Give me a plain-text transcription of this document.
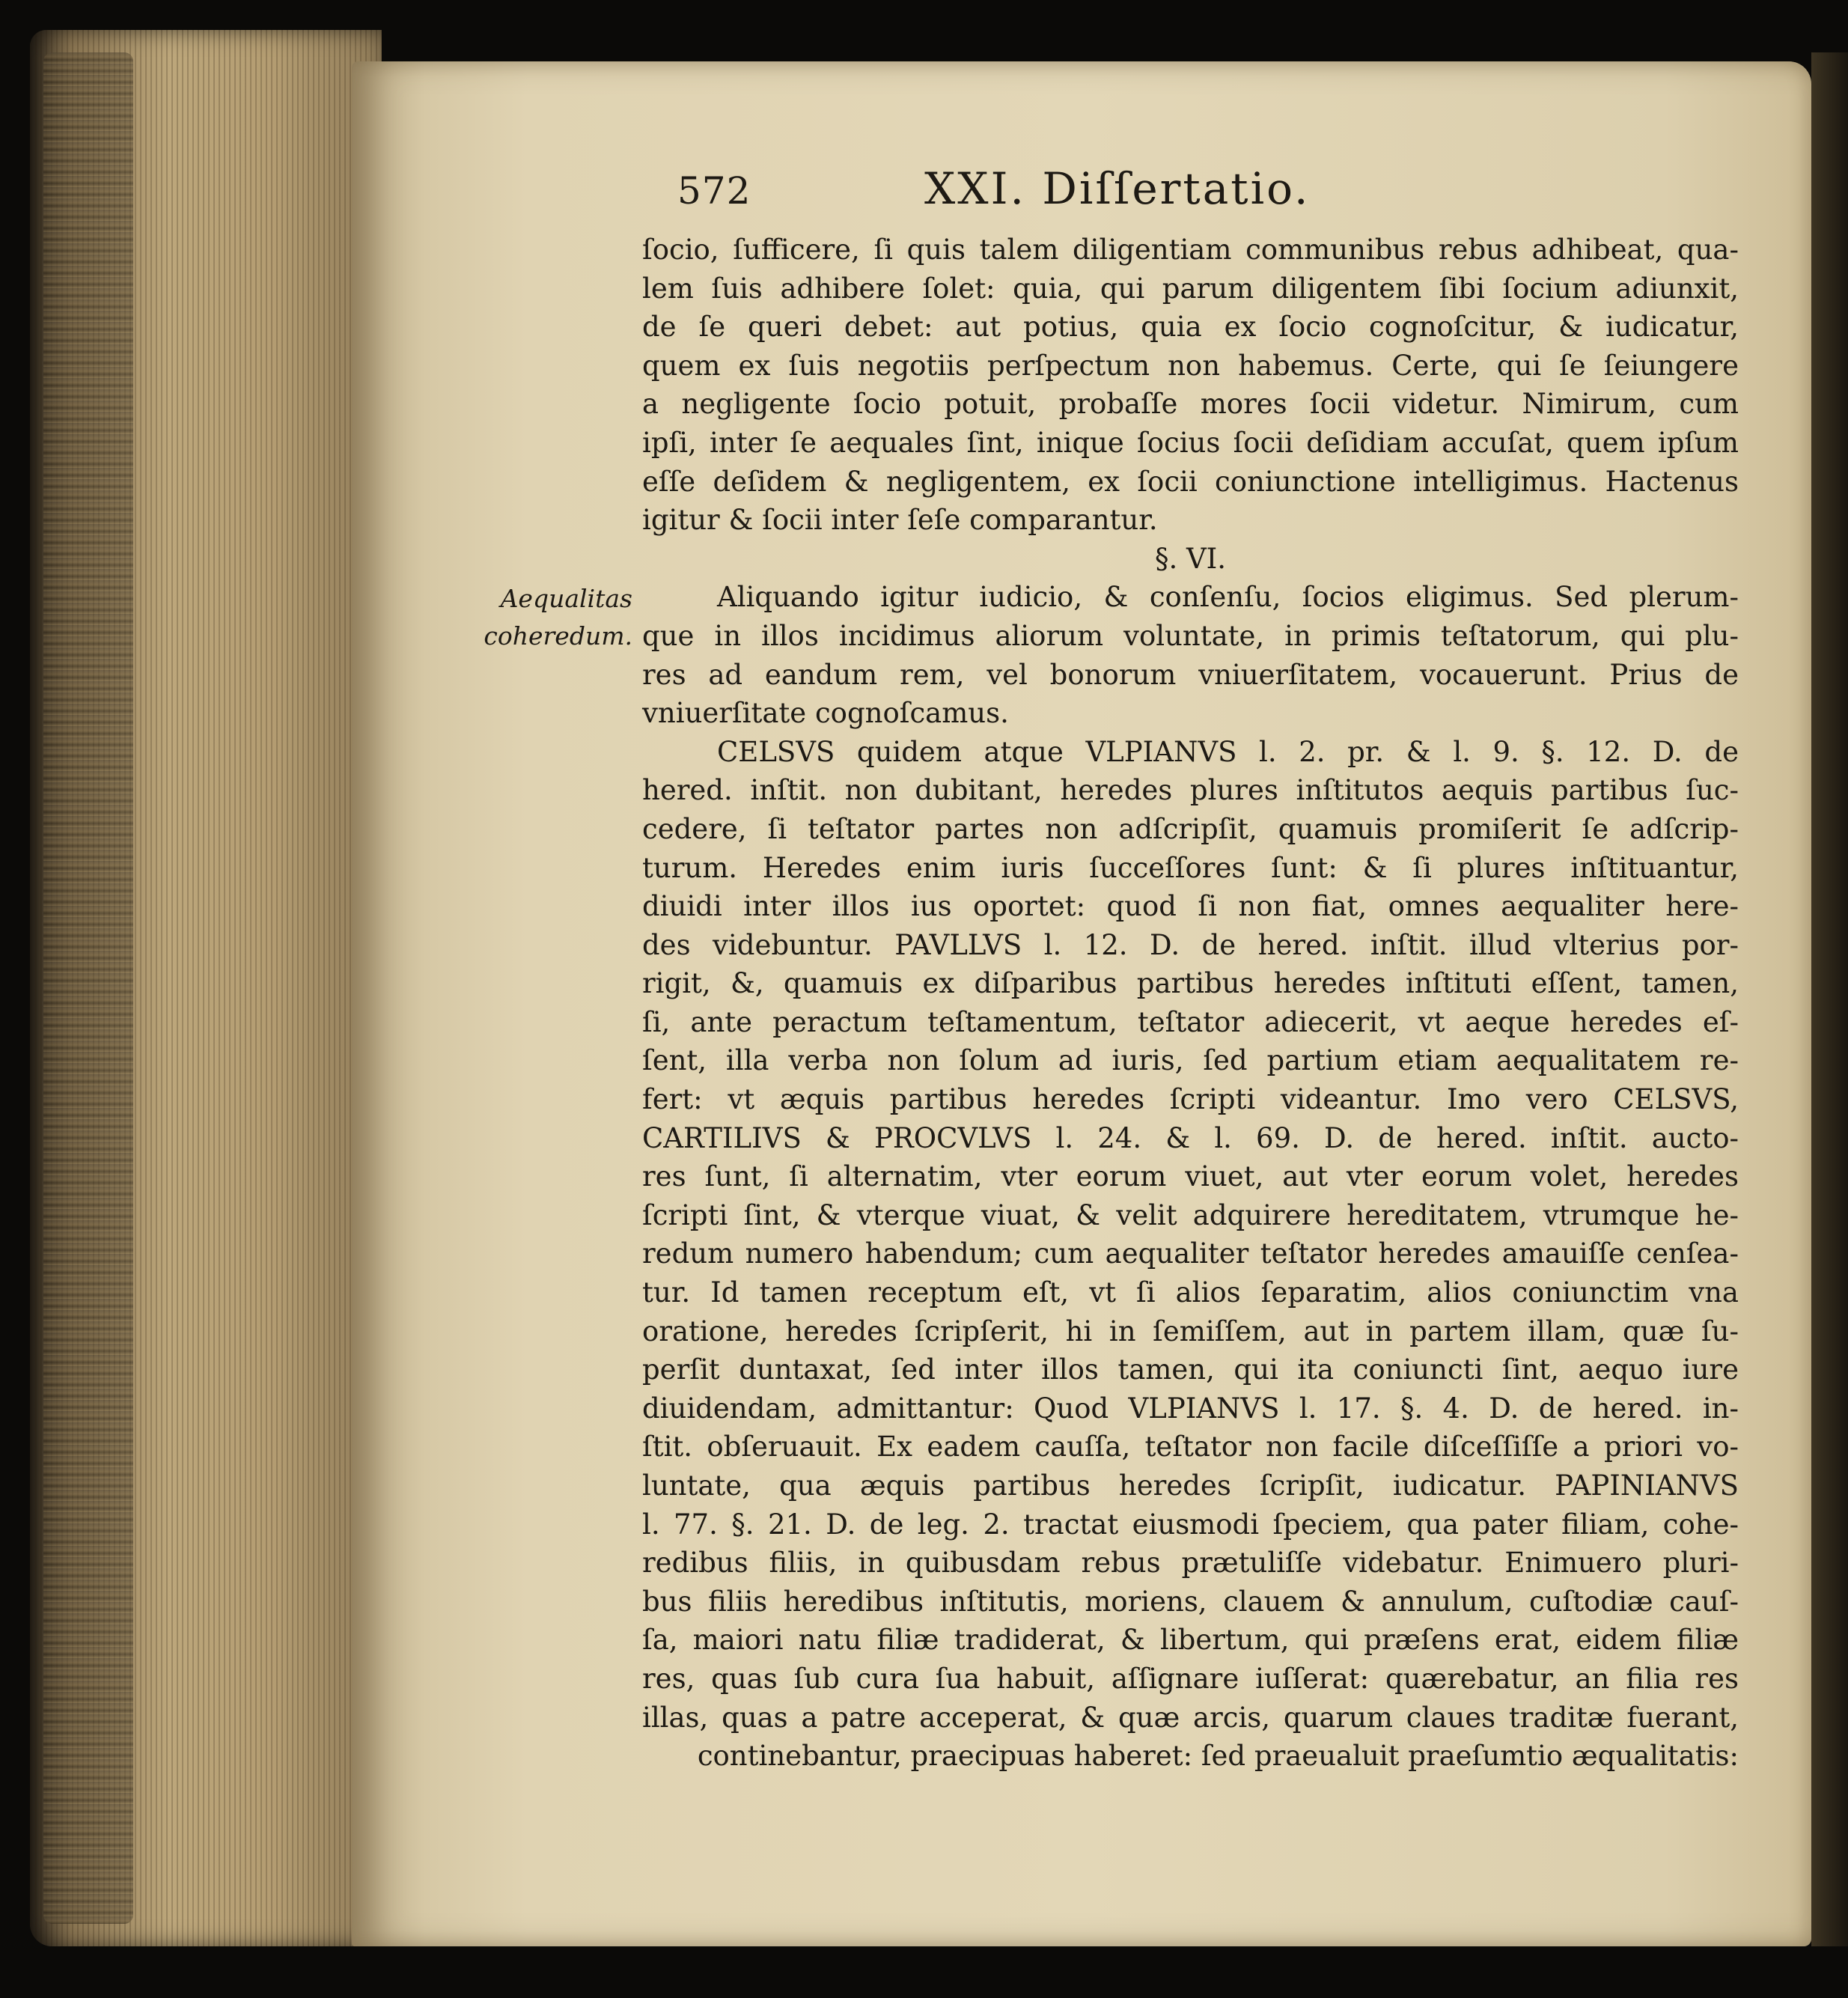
572	XXI. Diſſertatio.
Aequalitas
coheredum.
ſocio, ſufficere, ſi quis talem diligentiam communibus rebus adhibeat, qua-
lem ſuis adhibere ſolet: quia, qui parum diligentem ſibi ſocium adiunxit,
de ſe queri debet: aut potius, quia ex ſocio cognoſcitur, & iudicatur,
quem ex ſuis negotiis perſpectum non habemus. Certe, qui ſe ſeiungere
a negligente ſocio potuit, probaſſe mores ſocii videtur. Nimirum, cum
ipſi, inter ſe aequales ſint, inique ſocius ſocii deſidiam accuſat, quem ipſum
eſſe deſidem & negligentem, ex ſocii coniunctione intelligimus. Hactenus
igitur & ſocii inter ſeſe comparantur.
§. VI.
Aliquando igitur iudicio, & conſenſu, ſocios eligimus. Sed plerum-
que in illos incidimus aliorum voluntate, in primis teſtatorum, qui plu-
res ad eandum rem, vel bonorum vniuerſitatem, vocauerunt. Prius de
vniuerſitate cognoſcamus.
CELSVS quidem atque VLPIANVS l. 2. pr. & l. 9. §. 12. D. de
hered. inſtit. non dubitant, heredes plures inſtitutos aequis partibus ſuc-
cedere, ſi teſtator partes non adſcripſit, quamuis promiſerit ſe adſcrip-
turum. Heredes enim iuris ſucceſſores ſunt: & ſi plures inſtituantur,
diuidi inter illos ius oportet: quod ſi non fiat, omnes aequaliter here-
des videbuntur. PAVLLVS l. 12. D. de hered. inſtit. illud vlterius por-
rigit, &, quamuis ex diſparibus partibus heredes inſtituti eſſent, tamen,
ſi, ante peractum teſtamentum, teſtator adiecerit, vt aeque heredes eſ-
ſent, illa verba non ſolum ad iuris, ſed partium etiam aequalitatem re-
fert: vt æquis partibus heredes ſcripti videantur. Imo vero CELSVS,
CARTILIVS & PROCVLVS l. 24. & l. 69. D. de hered. inſtit. aucto-
res ſunt, ſi alternatim, vter eorum viuet, aut vter eorum volet, heredes
ſcripti ſint, & vterque viuat, & velit adquirere hereditatem, vtrumque he-
redum numero habendum; cum aequaliter teſtator heredes amauiſſe cenſea-
tur. Id tamen receptum eſt, vt ſi alios ſeparatim, alios coniunctim vna
oratione, heredes ſcripſerit, hi in ſemiſſem, aut in partem illam, quæ ſu-
perſit duntaxat, ſed inter illos tamen, qui ita coniuncti ſint, aequo iure
diuidendam, admittantur: Quod VLPIANVS l. 17. §. 4. D. de hered. in-
ſtit. obſeruauit. Ex eadem cauſſa, teſtator non facile diſceſſiſſe a priori vo-
luntate, qua æquis partibus heredes ſcripſit, iudicatur. PAPINIANVS
l. 77. §. 21. D. de leg. 2. tractat eiusmodi ſpeciem, qua pater filiam, cohe-
redibus filiis, in quibusdam rebus prætuliſſe videbatur. Enimuero pluri-
bus filiis heredibus inſtitutis, moriens, clauem & annulum, cuſtodiæ cauſ-
ſa, maiori natu filiæ tradiderat, & libertum, qui præſens erat, eidem filiæ
res, quas ſub cura ſua habuit, aſſignare iuſſerat: quærebatur, an filia res
illas, quas a patre acceperat, & quæ arcis, quarum claues traditæ fuerant,
continebantur, praecipuas haberet: ſed praeualuit praeſumtio æqualitatis:
